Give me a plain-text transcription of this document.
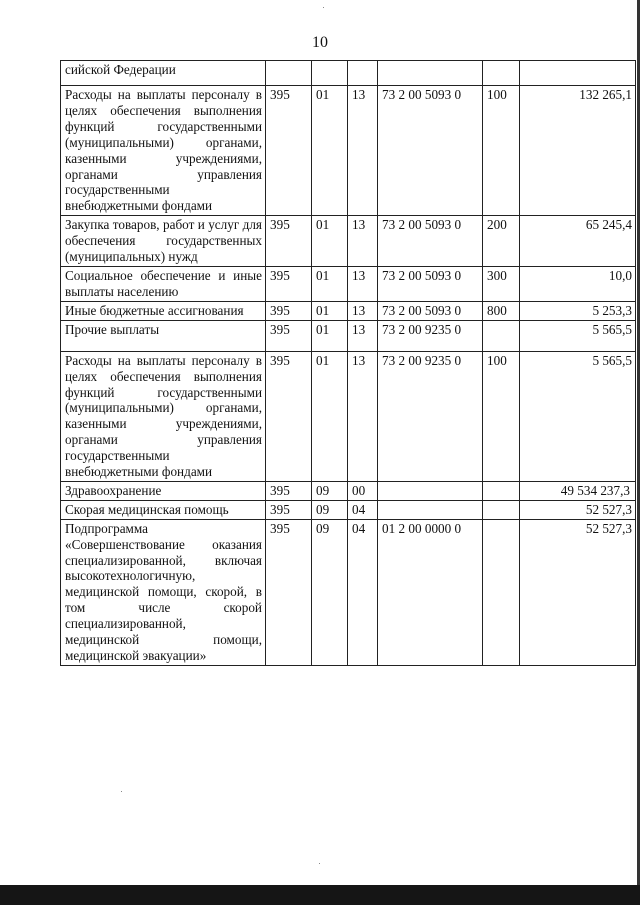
10
сийской Федерации						
Расходы на выплаты персоналу в целях обеспечения выполнения функций государственными (муниципальными) органами, казенными учреждениями, органами управления государственными внебюджетными фондами	395	01	13	73 2 00 5093 0	100	132 265,1
Закупка товаров, работ и услуг для обеспечения государственных (муниципальных) нужд	395	01	13	73 2 00 5093 0	200	65 245,4
Социальное обеспечение и иные выплаты населению	395	01	13	73 2 00 5093 0	300	10,0
Иные бюджетные ассигнования	395	01	13	73 2 00 5093 0	800	5 253,3
Прочие выплаты	395	01	13	73 2 00 9235 0		5 565,5
Расходы на выплаты персоналу в целях обеспечения выполнения функций государственными (муниципальными) органами, казенными учреждениями, органами управления государственными внебюджетными фондами	395	01	13	73 2 00 9235 0	100	5 565,5
Здравоохранение	395	09	00			49 534 237,3
Скорая медицинская помощь	395	09	04			52 527,3
Подпрограмма «Совершенствование оказания специализированной, включая высокотехнологичную, медицинской помощи, скорой, в том числе скорой специализированной, медицинской помощи, медицинской эвакуации»	395	09	04	01 2 00 0000 0		52 527,3
